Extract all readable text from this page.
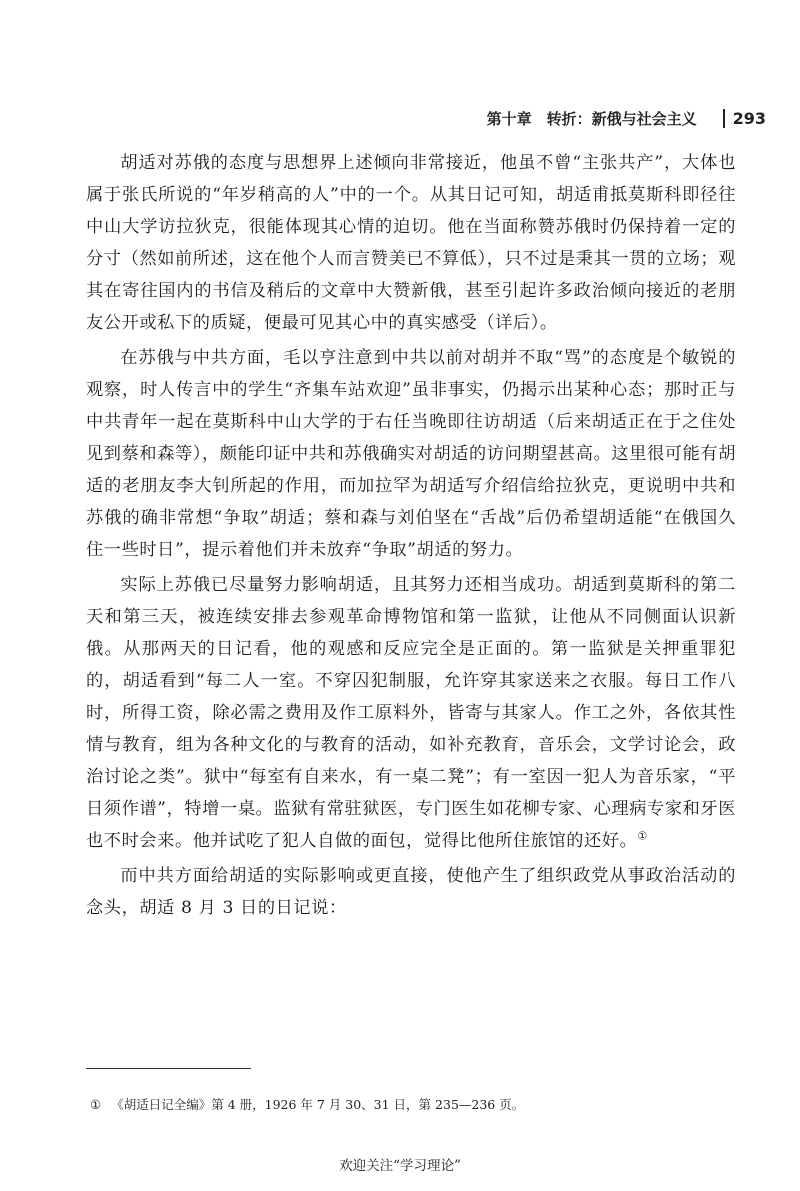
第十章　转折：新俄与社会主义 293

胡适对苏俄的态度与思想界上述倾向非常接近，他虽不曾“主张共产”，大体也属于张氏所说的“年岁稍高的人”中的一个。从其日记可知，胡适甫抵莫斯科即径往中山大学访拉狄克，很能体现其心情的迫切。他在当面称赞苏俄时仍保持着一定的分寸（然如前所述，这在他个人而言赞美已不算低），只不过是秉其一贯的立场；观其在寄往国内的书信及稍后的文章中大赞新俄，甚至引起许多政治倾向接近的老朋友公开或私下的质疑，便最可见其心中的真实感受（详后）。

在苏俄与中共方面，毛以亨注意到中共以前对胡并不取“骂”的态度是个敏锐的观察，时人传言中的学生“齐集车站欢迎”虽非事实，仍揭示出某种心态；那时正与中共青年一起在莫斯科中山大学的于右任当晚即往访胡适（后来胡适正在于之住处见到蔡和森等），颇能印证中共和苏俄确实对胡适的访问期望甚高。这里很可能有胡适的老朋友李大钊所起的作用，而加拉罕为胡适写介绍信给拉狄克，更说明中共和苏俄的确非常想“争取”胡适；蔡和森与刘伯坚在“舌战”后仍希望胡适能“在俄国久住一些时日”，提示着他们并未放弃“争取”胡适的努力。

实际上苏俄已尽量努力影响胡适，且其努力还相当成功。胡适到莫斯科的第二天和第三天，被连续安排去参观革命博物馆和第一监狱，让他从不同侧面认识新俄。从那两天的日记看，他的观感和反应完全是正面的。第一监狱是关押重罪犯的，胡适看到“每二人一室。不穿囚犯制服，允许穿其家送来之衣服。每日工作八时，所得工资，除必需之费用及作工原料外，皆寄与其家人。作工之外，各依其性情与教育，组为各种文化的与教育的活动，如补充教育，音乐会，文学讨论会，政治讨论之类”。狱中“每室有自来水，有一桌二凳”；有一室因一犯人为音乐家，“平日须作谱”，特增一桌。监狱有常驻狱医，专门医生如花柳专家、心理病专家和牙医也不时会来。他并试吃了犯人自做的面包，觉得比他所住旅馆的还好。①

而中共方面给胡适的实际影响或更直接，使他产生了组织政党从事政治活动的念头，胡适 8 月 3 日的日记说：

① 《胡适日记全编》第 4 册，1926 年 7 月 30、31 日，第 235—236 页。
欢迎关注“学习理论”
